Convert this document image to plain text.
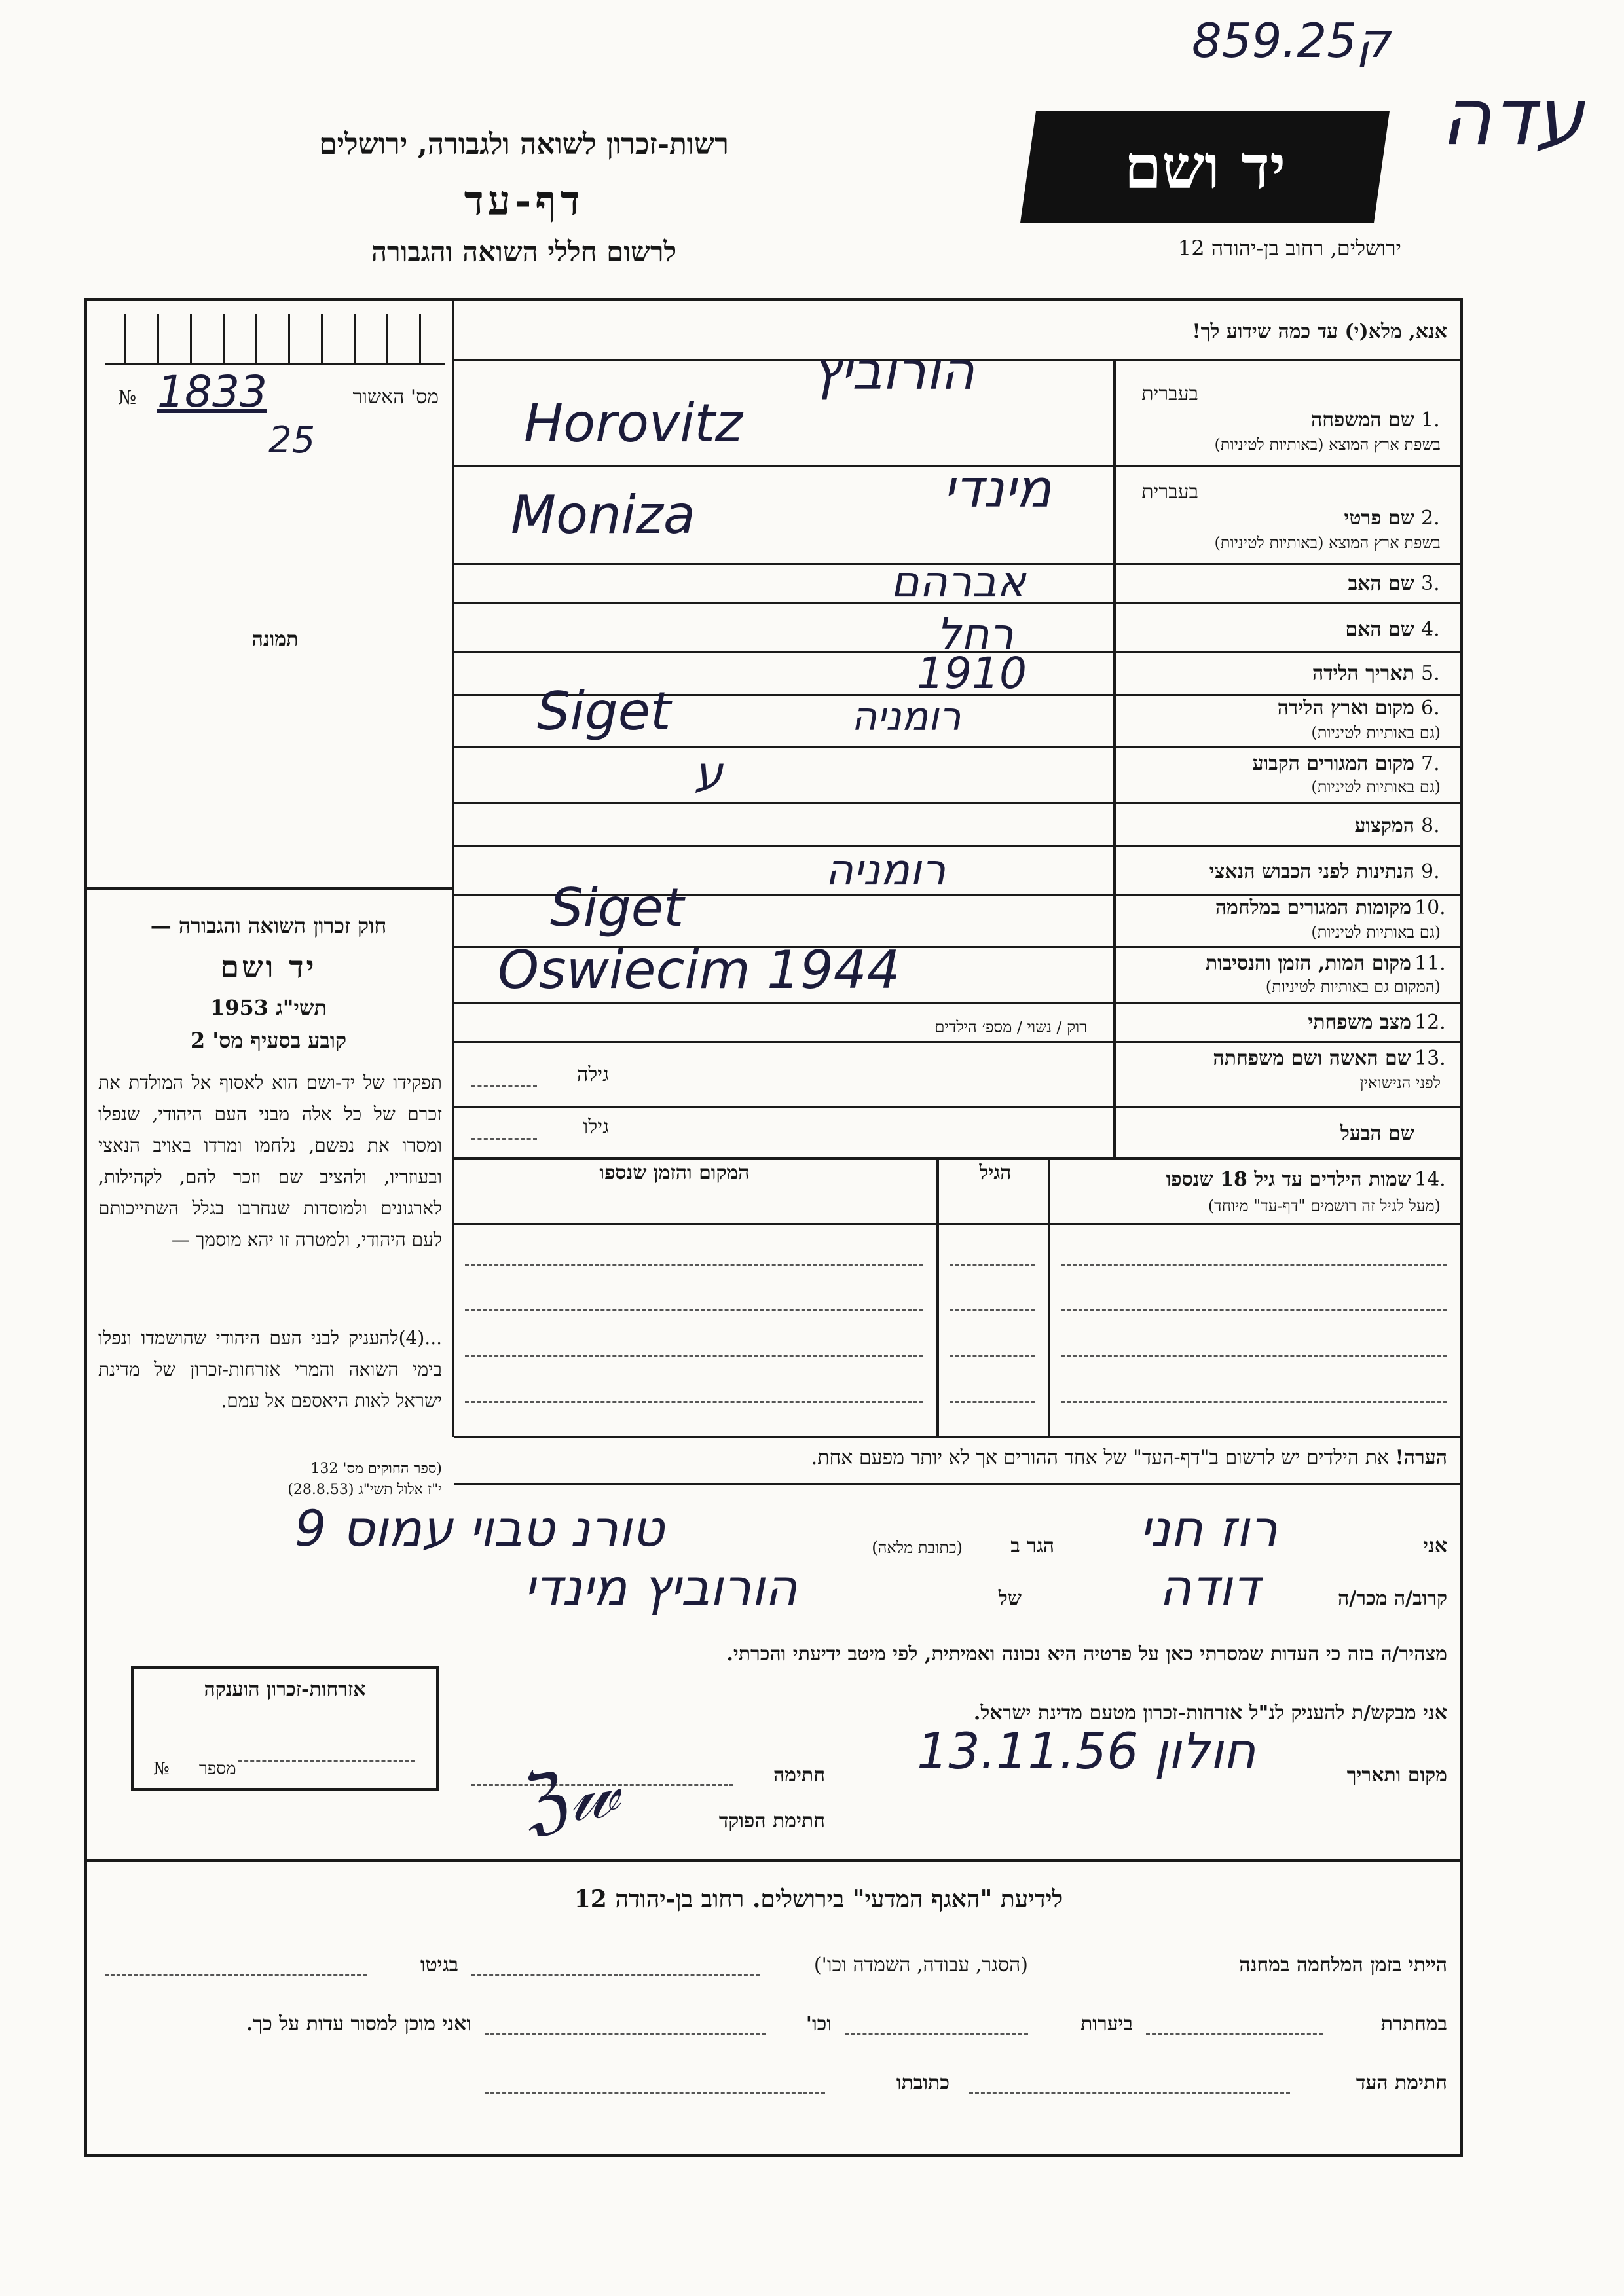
859.ק25
עדה
רשות-זכרון לשואה ולגבורה, ירושלים
דף-עד
לרשום חללי השואה והגבורה
יד ושם
ירושלים, רחוב בן-יהודה 12
אנא, מלא(י) עד כמה שידוע לך!
№ 1833	מס' האשור
25
תמונה
חוק זכרון השואה והגבורה —
יד ושם
תשי"ג 1953
קובע בסעיף מס' 2
תפקידו של יד-ושם הוא לאסוף אל המולדת את זכרם של כל אלה מבני העם היהודי, שנפלו ומסרו את נפשם, נלחמו ומרדו באויב הנאצי ובעוזריו, ולהציב שם וזכר להם, לקהילות, לארגונים ולמוסדות שנחרבו בגלל השתייכותם לעם היהודי, ולמטרה זו יהא מוסמך —
...(4)להעניק לבני העם היהודי שהושמדו ונפלו בימי השואה והמרי אזרחות-זכרון של מדינת ישראל לאות היאספם אל עמם.
(ספר החוקים מס' 132
י"ז אלול תשי"ג (28.8.53)
בעברית
1.
שם המשפחה
בשפת ארץ המוצא (באותיות לטיניות)
הורוביץ
Horovitz
בעברית
2.
שם פרטי
בשפת ארץ המוצא (באותיות לטיניות)
מינדי
Moniza
3.
שם האב
אברהם
4.
שם האם
רחל
5.
תאריך הלידה
1910
6.
מקום וארץ הלידה
(גם באותיות לטיניות)
Siget	רומניה
7.
מקום המגורים הקבוע
(גם באותיות לטיניות)
ע
8.
המקצוע
9.
הנתינות לפני הכבוש הנאצי
רומניה
10.
מקומות המגורים במלחמה
(גם באותיות לטיניות)
Siget
11.
מקום המות, הזמן והנסיבות
(המקום גם באותיות לטיניות)
Oswiecim 1944
12.
מצב משפחתי
רוק / נשוי / מספ׳ הילדים
13.
שם האשה ושם משפחתה
לפני הנישואין
גילה
שם הבעל
גילו
14.
שמות הילדים עד גיל 18 שנספו
(מעל לגיל זה רושמים "דף-עד" מיוחד)
הגיל
המקום והזמן שנספו
הערה! את הילדים יש לרשום ב"דף-העד" של אחד ההורים אך לא יותר מפעם אחת.
אני
רוז חני
הגר ב
(כתובת מלאה)
טורנ טבוי עמוס 9
קרוב/ה מכר/ה
דודה
של
הורוביץ מינדי
מצהיר/ה בזה כי העדות שמסרתי כאן על פרטיה היא נכונה ואמיתית, לפי מיטב ידיעתי והכרתי.
אני מבקש/ת להעניק לנ"ל אזרחות-זכרון מטעם מדינת ישראל.
מקום ותאריך
חולון 13.11.56
חתימה
חתימת הפוקד
ℨ𝓌
אזרחות-זכרון הוענקה
№ מספר
לידיעת "האגף המדעי" בירושלים. רחוב בן-יהודה 12
הייתי בזמן המלחמה במחנה
(הסגר, עבודה, השמדה וכו')
בגיטו
במחתרת
ביערות
וכו'
ואני מוכן למסור עדות על כך.
חתימת העד
כתובתו
